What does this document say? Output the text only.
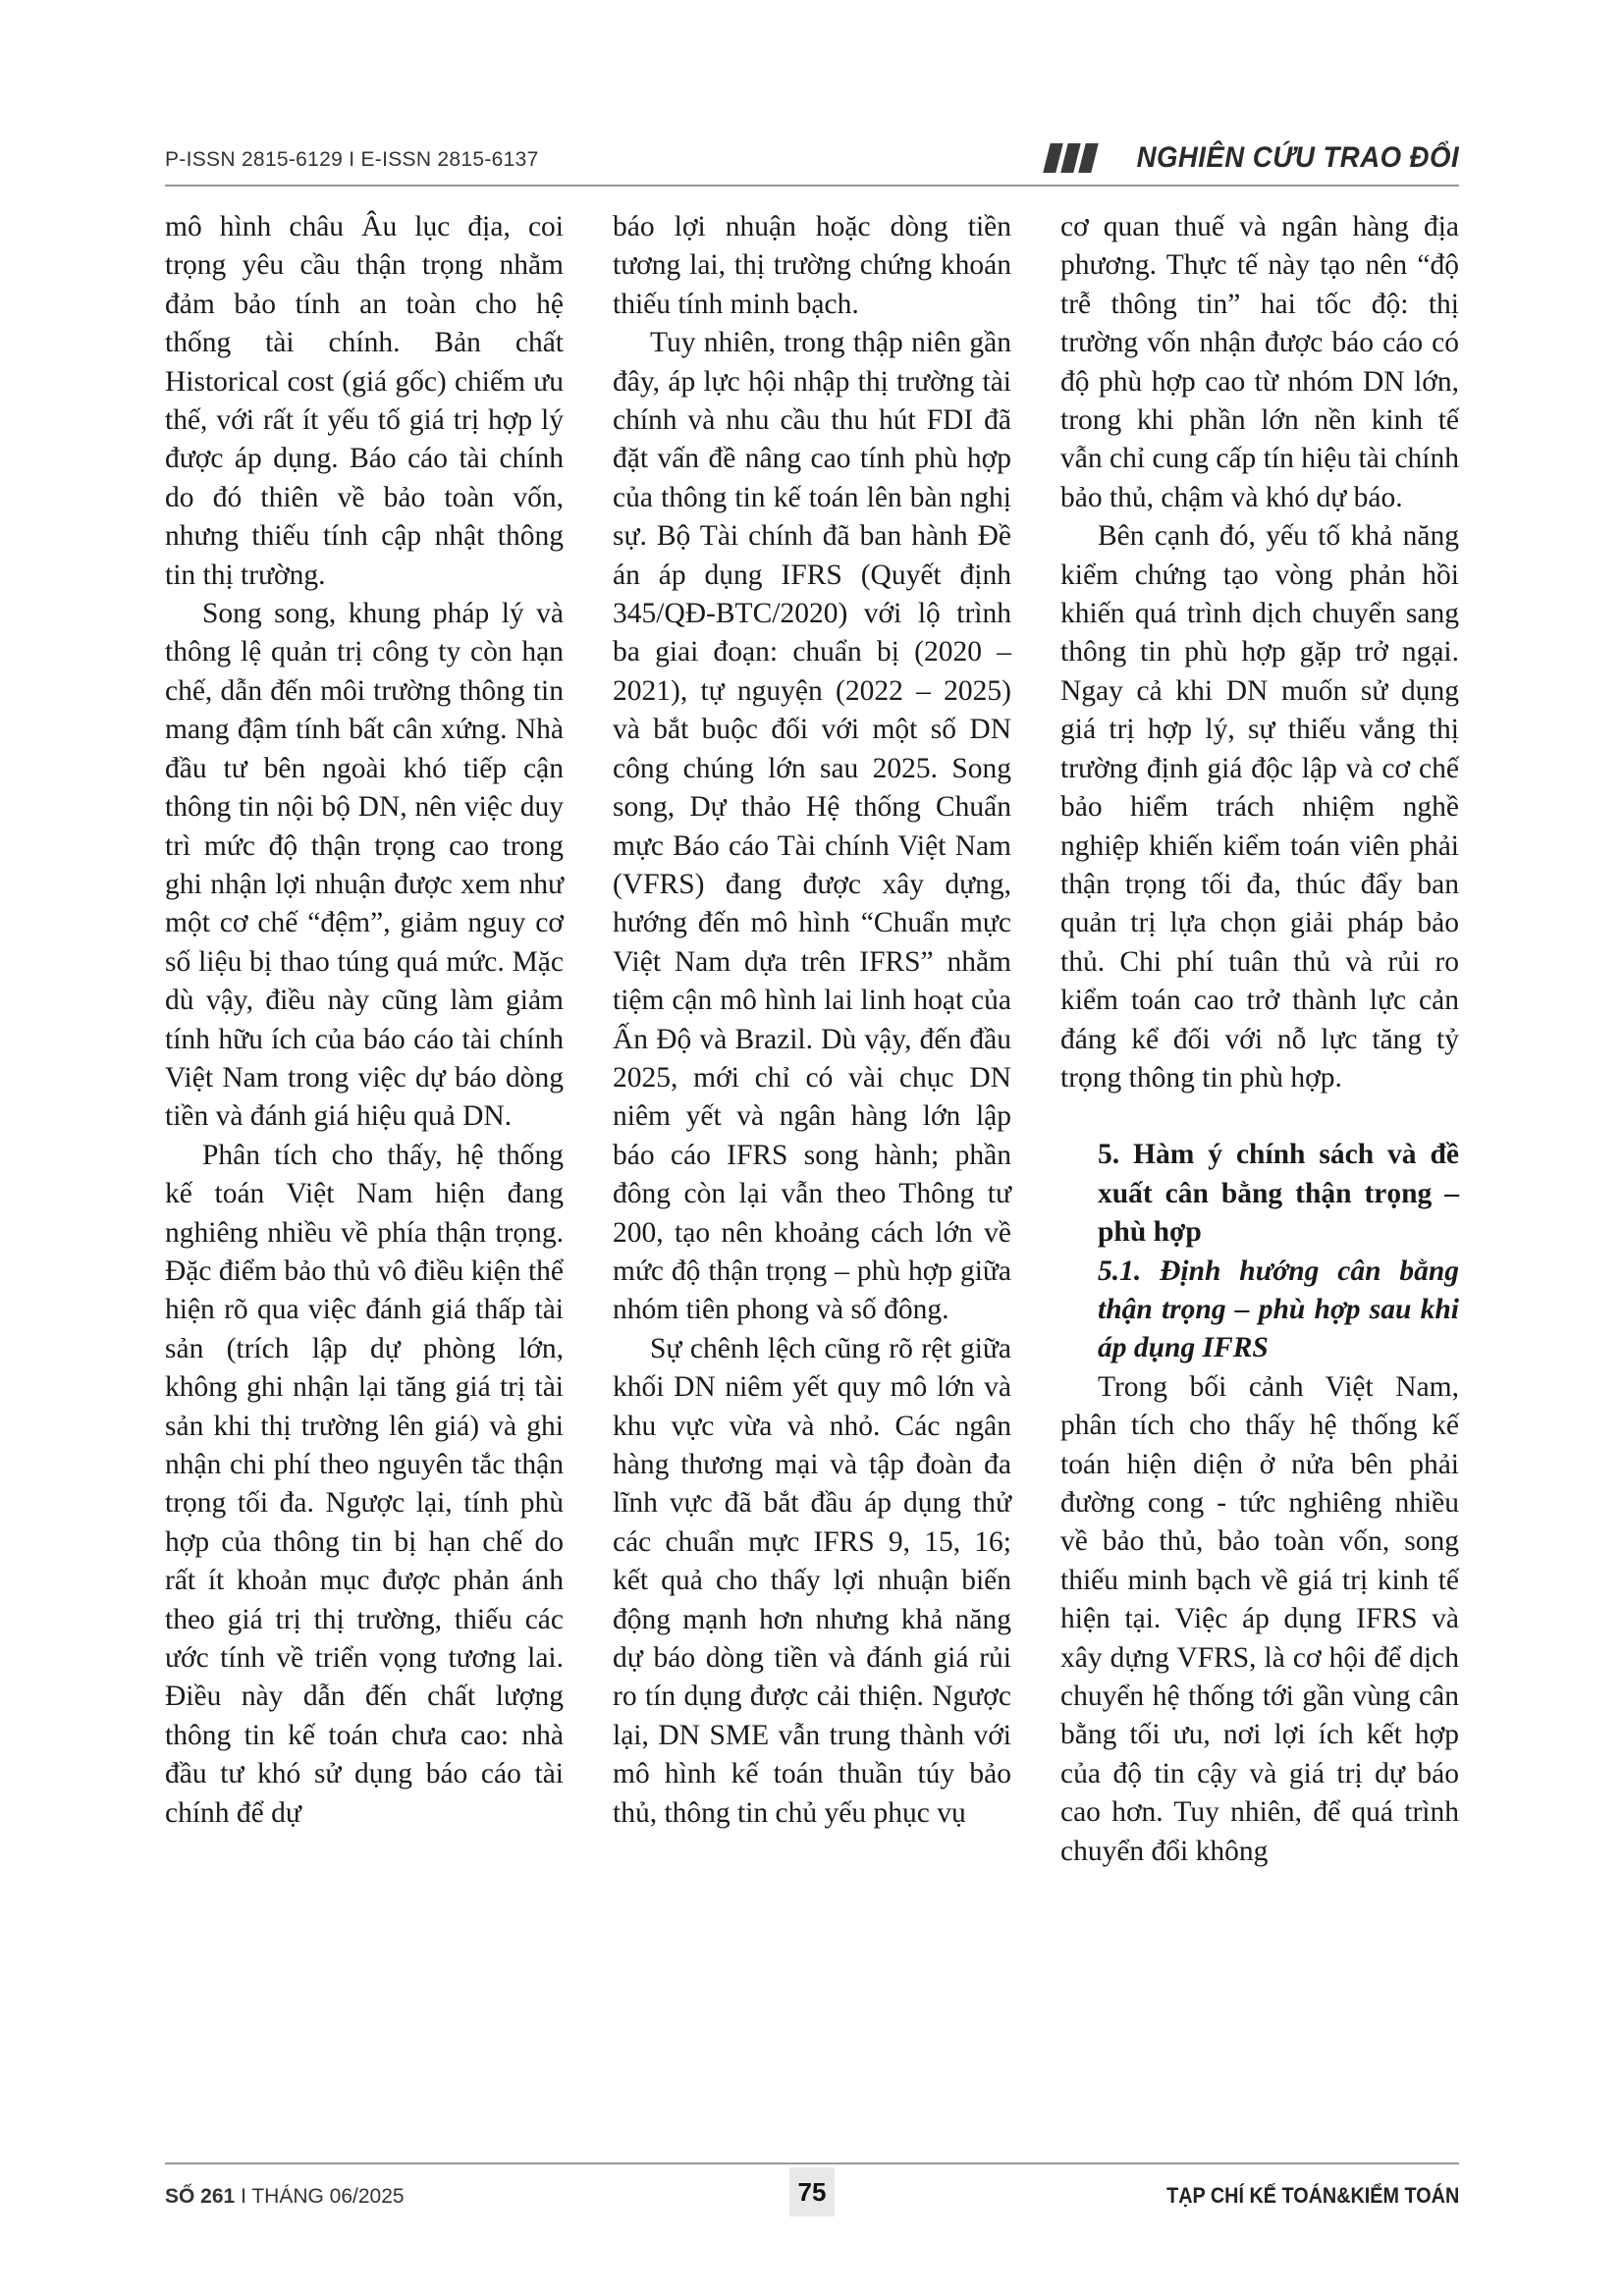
P-ISSN 2815-6129 I E-ISSN 2815-6137	NGHIÊN CỨU TRAO ĐỔI

mô hình châu Âu lục địa, coi trọng yêu cầu thận trọng nhằm đảm bảo tính an toàn cho hệ thống tài chính. Bản chất Historical cost (giá gốc) chiếm ưu thế, với rất ít yếu tố giá trị hợp lý được áp dụng. Báo cáo tài chính do đó thiên về bảo toàn vốn, nhưng thiếu tính cập nhật thông tin thị trường.

Song song, khung pháp lý và thông lệ quản trị công ty còn hạn chế, dẫn đến môi trường thông tin mang đậm tính bất cân xứng. Nhà đầu tư bên ngoài khó tiếp cận thông tin nội bộ DN, nên việc duy trì mức độ thận trọng cao trong ghi nhận lợi nhuận được xem như một cơ chế “đệm”, giảm nguy cơ số liệu bị thao túng quá mức. Mặc dù vậy, điều này cũng làm giảm tính hữu ích của báo cáo tài chính Việt Nam trong việc dự báo dòng tiền và đánh giá hiệu quả DN.

Phân tích cho thấy, hệ thống kế toán Việt Nam hiện đang nghiêng nhiều về phía thận trọng. Đặc điểm bảo thủ vô điều kiện thể hiện rõ qua việc đánh giá thấp tài sản (trích lập dự phòng lớn, không ghi nhận lại tăng giá trị tài sản khi thị trường lên giá) và ghi nhận chi phí theo nguyên tắc thận trọng tối đa. Ngược lại, tính phù hợp của thông tin bị hạn chế do rất ít khoản mục được phản ánh theo giá trị thị trường, thiếu các ước tính về triển vọng tương lai. Điều này dẫn đến chất lượng thông tin kế toán chưa cao: nhà đầu tư khó sử dụng báo cáo tài chính để dự

báo lợi nhuận hoặc dòng tiền tương lai, thị trường chứng khoán thiếu tính minh bạch.

Tuy nhiên, trong thập niên gần đây, áp lực hội nhập thị trường tài chính và nhu cầu thu hút FDI đã đặt vấn đề nâng cao tính phù hợp của thông tin kế toán lên bàn nghị sự. Bộ Tài chính đã ban hành Đề án áp dụng IFRS (Quyết định 345/QĐ-BTC/2020) với lộ trình ba giai đoạn: chuẩn bị (2020 – 2021), tự nguyện (2022 – 2025) và bắt buộc đối với một số DN công chúng lớn sau 2025. Song song, Dự thảo Hệ thống Chuẩn mực Báo cáo Tài chính Việt Nam (VFRS) đang được xây dựng, hướng đến mô hình “Chuẩn mực Việt Nam dựa trên IFRS” nhằm tiệm cận mô hình lai linh hoạt của Ấn Độ và Brazil. Dù vậy, đến đầu 2025, mới chỉ có vài chục DN niêm yết và ngân hàng lớn lập báo cáo IFRS song hành; phần đông còn lại vẫn theo Thông tư 200, tạo nên khoảng cách lớn về mức độ thận trọng – phù hợp giữa nhóm tiên phong và số đông.

Sự chênh lệch cũng rõ rệt giữa khối DN niêm yết quy mô lớn và khu vực vừa và nhỏ. Các ngân hàng thương mại và tập đoàn đa lĩnh vực đã bắt đầu áp dụng thử các chuẩn mực IFRS 9, 15, 16; kết quả cho thấy lợi nhuận biến động mạnh hơn nhưng khả năng dự báo dòng tiền và đánh giá rủi ro tín dụng được cải thiện. Ngược lại, DN SME vẫn trung thành với mô hình kế toán thuần túy bảo thủ, thông tin chủ yếu phục vụ

cơ quan thuế và ngân hàng địa phương. Thực tế này tạo nên “độ trễ thông tin” hai tốc độ: thị trường vốn nhận được báo cáo có độ phù hợp cao từ nhóm DN lớn, trong khi phần lớn nền kinh tế vẫn chỉ cung cấp tín hiệu tài chính bảo thủ, chậm và khó dự báo.

Bên cạnh đó, yếu tố khả năng kiểm chứng tạo vòng phản hồi khiến quá trình dịch chuyển sang thông tin phù hợp gặp trở ngại. Ngay cả khi DN muốn sử dụng giá trị hợp lý, sự thiếu vắng thị trường định giá độc lập và cơ chế bảo hiểm trách nhiệm nghề nghiệp khiến kiểm toán viên phải thận trọng tối đa, thúc đẩy ban quản trị lựa chọn giải pháp bảo thủ. Chi phí tuân thủ và rủi ro kiểm toán cao trở thành lực cản đáng kể đối với nỗ lực tăng tỷ trọng thông tin phù hợp.

5. Hàm ý chính sách và đề xuất cân bằng thận trọng – phù hợp
5.1. Định hướng cân bằng thận trọng – phù hợp sau khi áp dụng IFRS

Trong bối cảnh Việt Nam, phân tích cho thấy hệ thống kế toán hiện diện ở nửa bên phải đường cong - tức nghiêng nhiều về bảo thủ, bảo toàn vốn, song thiếu minh bạch về giá trị kinh tế hiện tại. Việc áp dụng IFRS và xây dựng VFRS, là cơ hội để dịch chuyển hệ thống tới gần vùng cân bằng tối ưu, nơi lợi ích kết hợp của độ tin cậy và giá trị dự báo cao hơn. Tuy nhiên, để quá trình chuyển đổi không

SỐ 261 I THÁNG 06/2025	75	TẠP CHÍ KẾ TOÁN&KIỂM TOÁN
